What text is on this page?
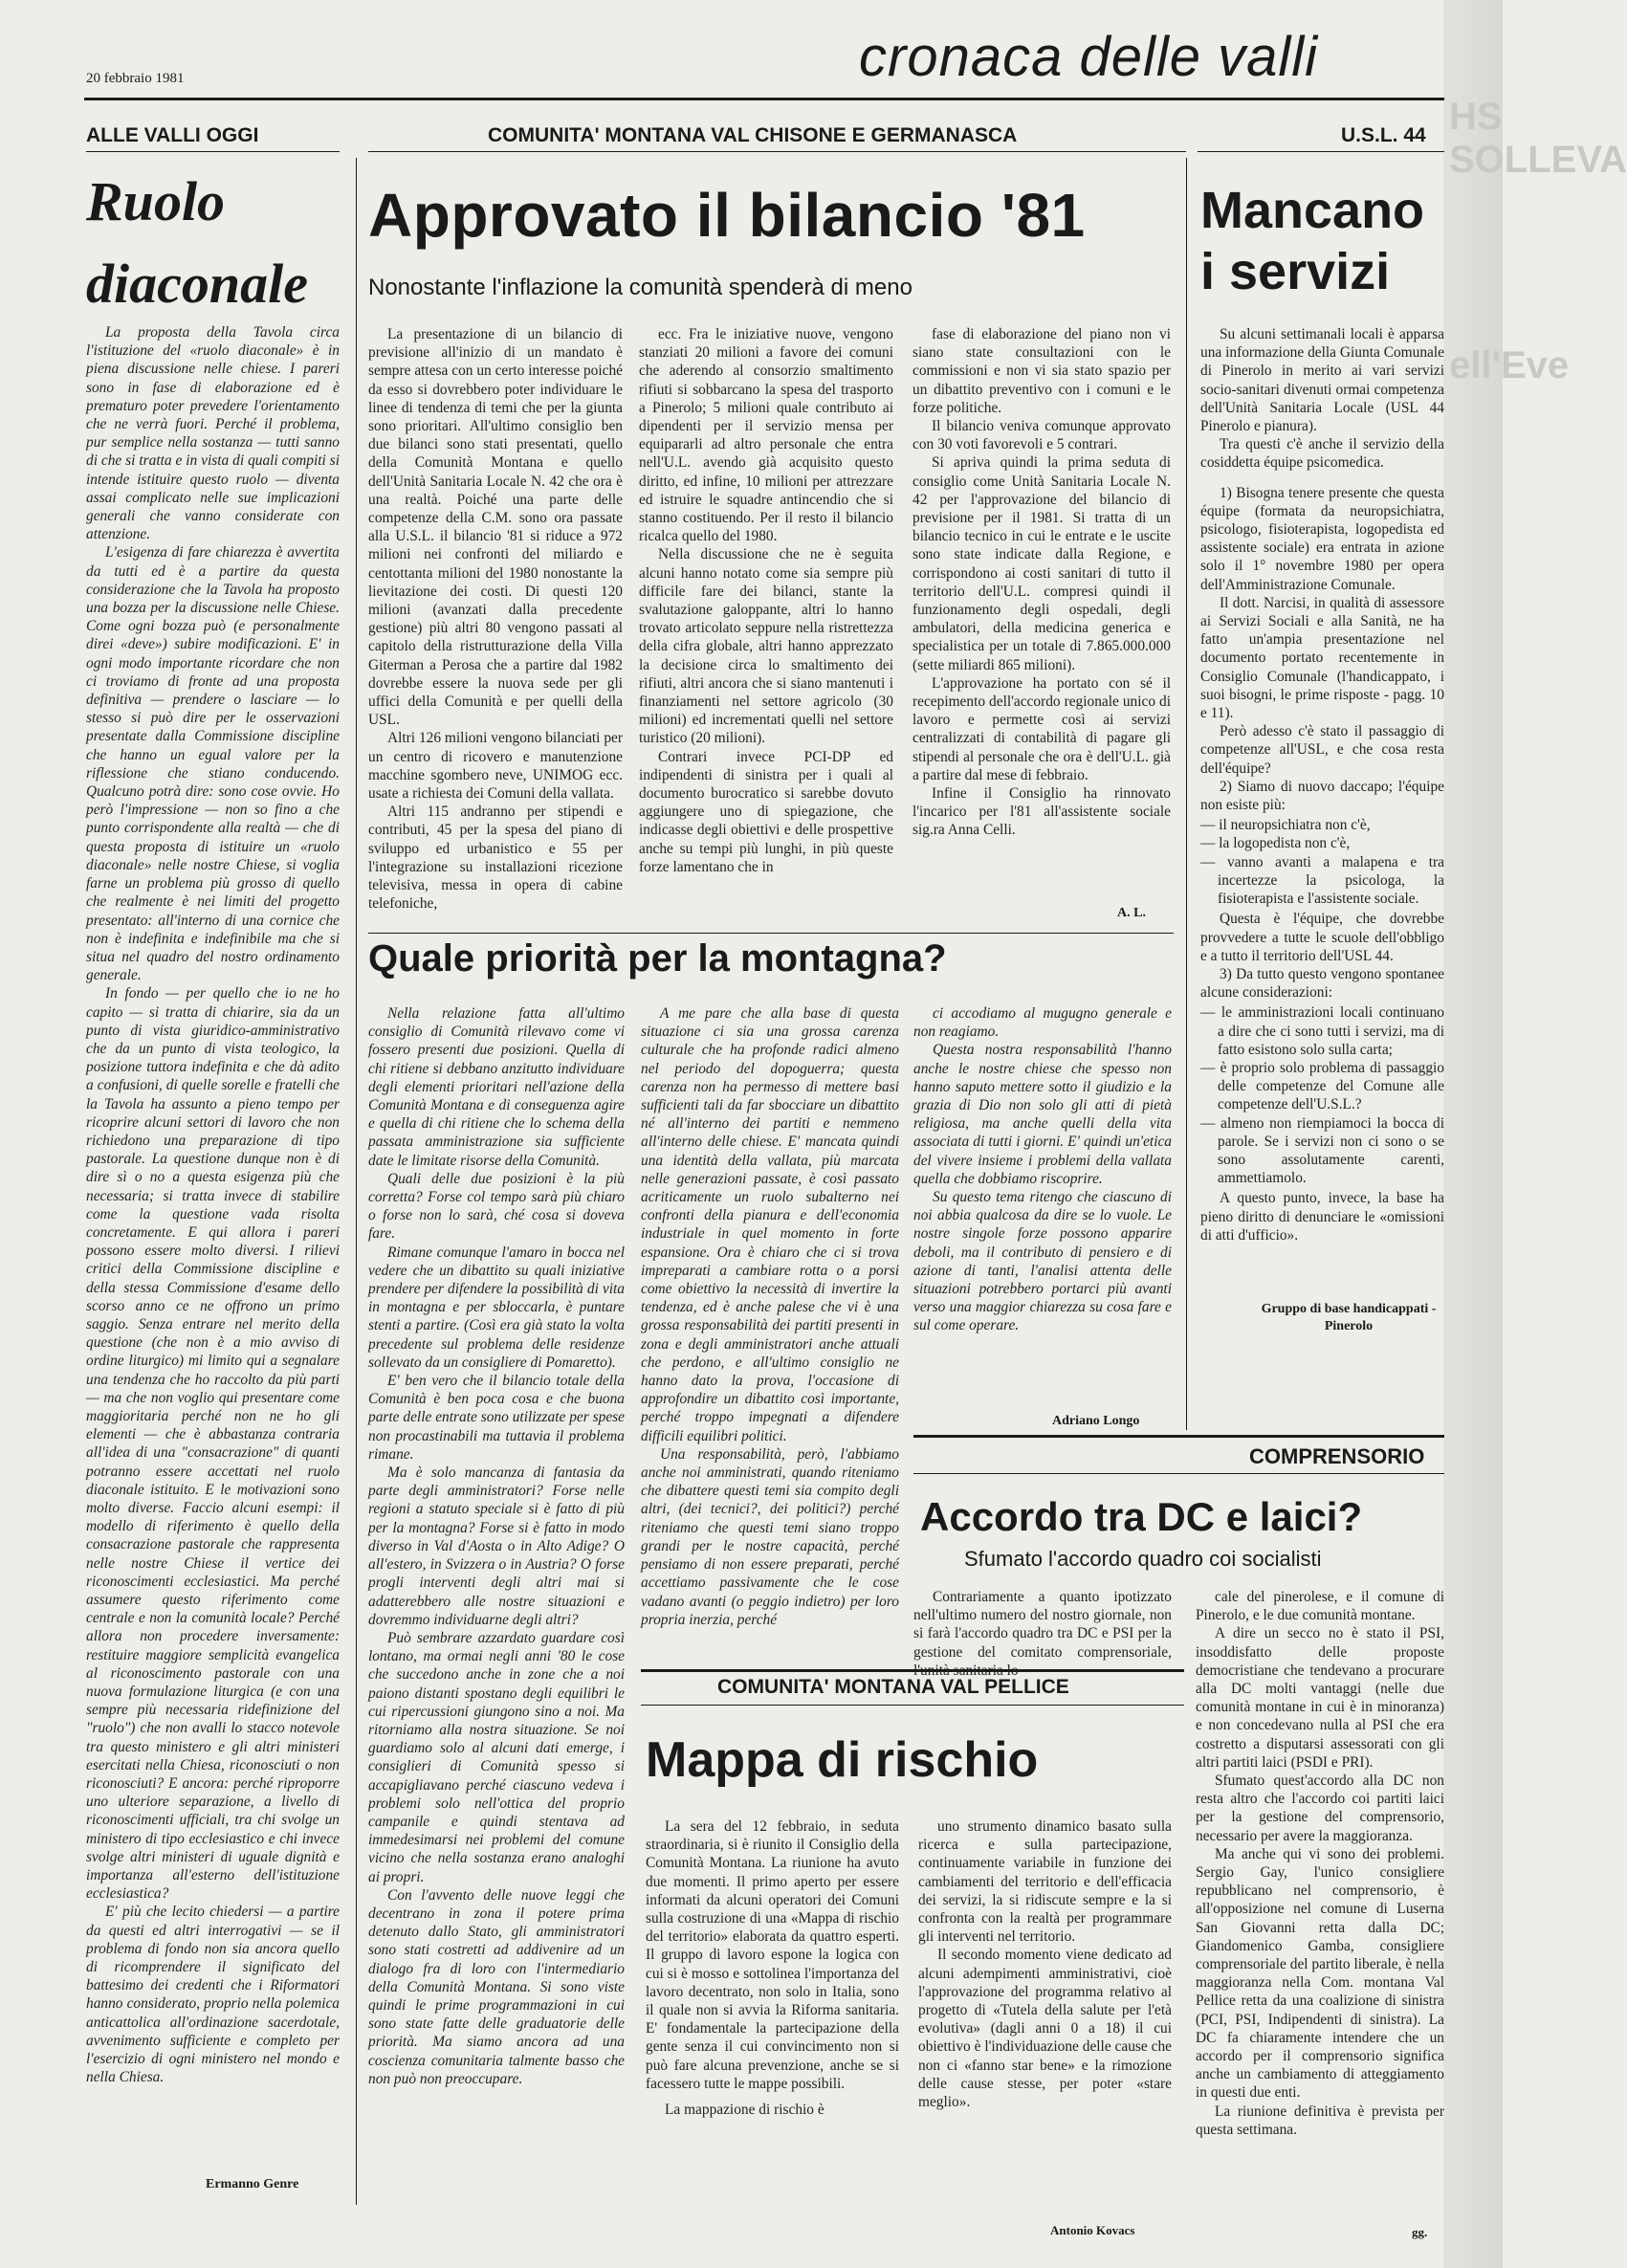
HS SOLLEVA
ell'Eve
20 febbraio 1981	cronaca delle valli
ALLE VALLI OGGI	COMUNITA' MONTANA VAL CHISONE E GERMANASCA	U.S.L. 44
Ruolo diaconale

La proposta della Tavola circa l'istituzione del «ruolo diaconale» è in piena discussione nelle chiese. I pareri sono in fase di elaborazione ed è prematuro poter prevedere l'orientamento che ne verrà fuori. Perché il problema, pur semplice nella sostanza — tutti sanno di che si tratta e in vista di quali compiti si intende istituire questo ruolo — diventa assai complicato nelle sue implicazioni generali che vanno considerate con attenzione.

L'esigenza di fare chiarezza è avvertita da tutti ed è a partire da questa considerazione che la Tavola ha proposto una bozza per la discussione nelle Chiese. Come ogni bozza può (e personalmente direi «deve») subire modificazioni. E' in ogni modo importante ricordare che non ci troviamo di fronte ad una proposta definitiva — prendere o lasciare — lo stesso si può dire per le osservazioni presentate dalla Commissione discipline che hanno un egual valore per la riflessione che stiano conducendo. Qualcuno potrà dire: sono cose ovvie. Ho però l'impressione — non so fino a che punto corrispondente alla realtà — che di questa proposta di istituire un «ruolo diaconale» nelle nostre Chiese, si voglia farne un problema più grosso di quello che realmente è nei limiti del progetto presentato: all'interno di una cornice che non è indefinita e indefinibile ma che si situa nel quadro del nostro ordinamento generale.

In fondo — per quello che io ne ho capito — si tratta di chiarire, sia da un punto di vista giuridico-amministrativo che da un punto di vista teologico, la posizione tuttora indefinita e che dà adito a confusioni, di quelle sorelle e fratelli che la Tavola ha assunto a pieno tempo per ricoprire alcuni settori di lavoro che non richiedono una preparazione di tipo pastorale. La questione dunque non è di dire sì o no a questa esigenza più che necessaria; si tratta invece di stabilire come la questione vada risolta concretamente. E qui allora i pareri possono essere molto diversi. I rilievi critici della Commissione discipline e della stessa Commissione d'esame dello scorso anno ce ne offrono un primo saggio. Senza entrare nel merito della questione (che non è a mio avviso di ordine liturgico) mi limito qui a segnalare una tendenza che ho raccolto da più parti — ma che non voglio qui presentare come maggioritaria perché non ne ho gli elementi — che è abbastanza contraria all'idea di una "consacrazione" di quanti potranno essere accettati nel ruolo diaconale istituito. E le motivazioni sono molto diverse. Faccio alcuni esempi: il modello di riferimento è quello della consacrazione pastorale che rappresenta nelle nostre Chiese il vertice dei riconoscimenti ecclesiastici. Ma perché assumere questo riferimento come centrale e non la comunità locale? Perché allora non procedere inversamente: restituire maggiore semplicità evangelica al riconoscimento pastorale con una nuova formulazione liturgica (e con una sempre più necessaria ridefinizione del "ruolo") che non avalli lo stacco notevole tra questo ministero e gli altri ministeri esercitati nella Chiesa, riconosciuti o non riconosciuti? E ancora: perché riproporre uno ulteriore separazione, a livello di riconoscimenti ufficiali, tra chi svolge un ministero di tipo ecclesiastico e chi invece svolge altri ministeri di uguale dignità e importanza all'esterno dell'istituzione ecclesiastica?

E' più che lecito chiedersi — a partire da questi ed altri interrogativi — se il problema di fondo non sia ancora quello di ricomprendere il significato del battesimo dei credenti che i Riformatori hanno considerato, proprio nella polemica anticattolica all'ordinazione sacerdotale, avvenimento sufficiente e completo per l'esercizio di ogni ministero nel mondo e nella Chiesa.

Ermanno Genre
Approvato il bilancio '81
Nonostante l'inflazione la comunità spenderà di meno

La presentazione di un bilancio di previsione all'inizio di un mandato è sempre attesa con un certo interesse poiché da esso si dovrebbero poter individuare le linee di tendenza di temi che per la giunta sono prioritari. All'ultimo consiglio ben due bilanci sono stati presentati, quello della Comunità Montana e quello dell'Unità Sanitaria Locale N. 42 che ora è una realtà. Poiché una parte delle competenze della C.M. sono ora passate alla U.S.L. il bilancio '81 si riduce a 972 milioni nei confronti del miliardo e centottanta milioni del 1980 nonostante la lievitazione dei costi. Di questi 120 milioni (avanzati dalla precedente gestione) più altri 80 vengono passati al capitolo della ristrutturazione della Villa Giterman a Perosa che a partire dal 1982 dovrebbe essere la nuova sede per gli uffici della Comunità e per quelli della USL.

Altri 126 milioni vengono bilanciati per un centro di ricovero e manutenzione macchine sgombero neve, UNIMOG ecc. usate a richiesta dei Comuni della vallata.

Altri 115 andranno per stipendi e contributi, 45 per la spesa del piano di sviluppo ed urbanistico e 55 per l'integrazione su installazioni ricezione televisiva, messa in opera di cabine telefoniche,

ecc. Fra le iniziative nuove, vengono stanziati 20 milioni a favore dei comuni che aderendo al consorzio smaltimento rifiuti si sobbarcano la spesa del trasporto a Pinerolo; 5 milioni quale contributo ai dipendenti per il servizio mensa per equipararli ad altro personale che entra nell'U.L. avendo già acquisito questo diritto, ed infine, 10 milioni per attrezzare ed istruire le squadre antincendio che si stanno costituendo. Per il resto il bilancio ricalca quello del 1980.

Nella discussione che ne è seguita alcuni hanno notato come sia sempre più difficile fare dei bilanci, stante la svalutazione galoppante, altri lo hanno trovato articolato seppure nella ristrettezza della cifra globale, altri hanno apprezzato la decisione circa lo smaltimento dei rifiuti, altri ancora che si siano mantenuti i finanziamenti nel settore agricolo (30 milioni) ed incrementati quelli nel settore turistico (20 milioni).

Contrari invece PCI-DP ed indipendenti di sinistra per i quali al documento burocratico si sarebbe dovuto aggiungere uno di spiegazione, che indicasse degli obiettivi e delle prospettive anche su tempi più lunghi, in più queste forze lamentano che in

fase di elaborazione del piano non vi siano state consultazioni con le commissioni e non vi sia stato spazio per un dibattito preventivo con i comuni e le forze politiche.

Il bilancio veniva comunque approvato con 30 voti favorevoli e 5 contrari.

Si apriva quindi la prima seduta di consiglio come Unità Sanitaria Locale N. 42 per l'approvazione del bilancio di previsione per il 1981. Si tratta di un bilancio tecnico in cui le entrate e le uscite sono state indicate dalla Regione, e corrispondono ai costi sanitari di tutto il territorio dell'U.L. compresi quindi il funzionamento degli ospedali, degli ambulatori, della medicina generica e specialistica per un totale di 7.865.000.000 (sette miliardi 865 milioni).

L'approvazione ha portato con sé il recepimento dell'accordo regionale unico di lavoro e permette così ai servizi centralizzati di contabilità di pagare gli stipendi al personale che ora è dell'U.L. già a partire dal mese di febbraio.

Infine il Consiglio ha rinnovato l'incarico per l'81 all'assistente sociale sig.ra Anna Celli.

A. L.
Quale priorità per la montagna?

Nella relazione fatta all'ultimo consiglio di Comunità rilevavo come vi fossero presenti due posizioni. Quella di chi ritiene si debbano anzitutto individuare degli elementi prioritari nell'azione della Comunità Montana e di conseguenza agire e quella di chi ritiene che lo schema della passata amministrazione sia sufficiente date le limitate risorse della Comunità.

Quali delle due posizioni è la più corretta? Forse col tempo sarà più chiaro o forse non lo sarà, ché cosa si doveva fare.

Rimane comunque l'amaro in bocca nel vedere che un dibattito su quali iniziative prendere per difendere la possibilità di vita in montagna e per sbloccarla, è puntare stenti a partire. (Così era già stato la volta precedente sul problema delle residenze sollevato da un consigliere di Pomaretto).

E' ben vero che il bilancio totale della Comunità è ben poca cosa e che buona parte delle entrate sono utilizzate per spese non procastinabili ma tuttavia il problema rimane.

Ma è solo mancanza di fantasia da parte degli amministratori? Forse nelle regioni a statuto speciale si è fatto di più per la montagna? Forse si è fatto in modo diverso in Val d'Aosta o in Alto Adige? O all'estero, in Svizzera o in Austria? O forse progli interventi degli altri mai si adatterebbero alle nostre situazioni e dovremmo individuarne degli altri?

Può sembrare azzardato guardare così lontano, ma ormai negli anni '80 le cose che succedono anche in zone che a noi paiono distanti spostano degli equilibri le cui ripercussioni giungono sino a noi. Ma ritorniamo alla nostra situazione. Se noi guardiamo solo al alcuni dati emerge, i consiglieri di Comunità spesso si accapigliavano perché ciascuno vedeva i problemi solo nell'ottica del proprio campanile e quindi stentava ad immedesimarsi nei problemi del comune vicino che nella sostanza erano analoghi ai propri.

Con l'avvento delle nuove leggi che decentrano in zona il potere prima detenuto dallo Stato, gli amministratori sono stati costretti ad addivenire ad un dialogo fra di loro con l'intermediario della Comunità Montana. Si sono viste quindi le prime programmazioni in cui sono state fatte delle graduatorie delle priorità. Ma siamo ancora ad una coscienza comunitaria talmente basso che non può non preoccupare.

A me pare che alla base di questa situazione ci sia una grossa carenza culturale che ha profonde radici almeno nel periodo del dopoguerra; questa carenza non ha permesso di mettere basi sufficienti tali da far sbocciare un dibattito né all'interno dei partiti e nemmeno all'interno delle chiese. E' mancata quindi una identità della vallata, più marcata nelle generazioni passate, è così passato acriticamente un ruolo subalterno nei confronti della pianura e dell'economia industriale in quel momento in forte espansione. Ora è chiaro che ci si trova impreparati a cambiare rotta o a porsi come obiettivo la necessità di invertire la tendenza, ed è anche palese che vi è una grossa responsabilità dei partiti presenti in zona e degli amministratori anche attuali che perdono, e all'ultimo consiglio ne hanno dato la prova, l'occasione di approfondire un dibattito così importante, perché troppo impegnati a difendere difficili equilibri politici.

Una responsabilità, però, l'abbiamo anche noi amministrati, quando riteniamo che dibattere questi temi sia compito degli altri, (dei tecnici?, dei politici?) perché riteniamo che questi temi siano troppo grandi per le nostre capacità, perché pensiamo di non essere preparati, perché accettiamo passivamente che le cose vadano avanti (o peggio indietro) per loro propria inerzia, perché

ci accodiamo al mugugno generale e non reagiamo.

Questa nostra responsabilità l'hanno anche le nostre chiese che spesso non hanno saputo mettere sotto il giudizio e la grazia di Dio non solo gli atti di pietà religiosa, ma anche quelli della vita associata di tutti i giorni. E' quindi un'etica del vivere insieme i problemi della vallata quella che dobbiamo riscoprire.

Su questo tema ritengo che ciascuno di noi abbia qualcosa da dire se lo vuole. Le nostre singole forze possono apparire deboli, ma il contributo di pensiero e di azione di tanti, l'analisi attenta delle situazioni potrebbero portarci più avanti verso una maggior chiarezza su cosa fare e sul come operare.

Adriano Longo
Mancano i servizi

Su alcuni settimanali locali è apparsa una informazione della Giunta Comunale di Pinerolo in merito ai vari servizi socio-sanitari divenuti ormai competenza dell'Unità Sanitaria Locale (USL 44 Pinerolo e pianura).

Tra questi c'è anche il servizio della cosiddetta équipe psicomedica.

1) Bisogna tenere presente che questa équipe (formata da neuropsichiatra, psicologo, fisioterapista, logopedista ed assistente sociale) era entrata in azione solo il 1° novembre 1980 per opera dell'Amministrazione Comunale.

Il dott. Narcisi, in qualità di assessore ai Servizi Sociali e alla Sanità, ne ha fatto un'ampia presentazione nel documento portato recentemente in Consiglio Comunale (l'handicappato, i suoi bisogni, le prime risposte - pagg. 10 e 11).

Però adesso c'è stato il passaggio di competenze all'USL, e che cosa resta dell'équipe?

2) Siamo di nuovo daccapo; l'équipe non esiste più:

— il neuropsichiatra non c'è,
— la logopedista non c'è,
— vanno avanti a malapena e tra incertezze la psicologa, la fisioterapista e l'assistente sociale.

Questa è l'équipe, che dovrebbe provvedere a tutte le scuole dell'obbligo e a tutto il territorio dell'USL 44.

3) Da tutto questo vengono spontanee alcune considerazioni:

— le amministrazioni locali continuano a dire che ci sono tutti i servizi, ma di fatto esistono solo sulla carta;
— è proprio solo problema di passaggio delle competenze del Comune alle competenze dell'U.S.L.?
— almeno non riempiamoci la bocca di parole. Se i servizi non ci sono o se sono assolutamente carenti, ammettiamolo.

A questo punto, invece, la base ha pieno diritto di denunciare le «omissioni di atti d'ufficio».

Gruppo di base handicappati - Pinerolo
COMPRENSORIO
Accordo tra DC e laici?
Sfumato l'accordo quadro coi socialisti

Contrariamente a quanto ipotizzato nell'ultimo numero del nostro giornale, non si farà l'accordo quadro tra DC e PSI per la gestione del comitato comprensoriale,

cale del pinerolese, e il comune di Pinerolo, e le due comunità montane.

A dire un secco no è stato il PSI, insoddisfatto delle proposte democristiane che tendevano a procurare alla DC molti vantaggi (nelle due comunità montane in cui è in minoranza) e non concedevano nulla al PSI che era costretto a disputarsi assessorati con gli altri partiti laici (PSDI e PRI).

Sfumato quest'accordo alla DC non resta altro che l'accordo coi partiti laici per la gestione del comprensorio, necessario per avere la maggioranza.

Ma anche qui vi sono dei problemi. Sergio Gay, l'unico consigliere repubblicano nel comprensorio, è all'opposizione nel comune di Luserna San Giovanni retta dalla DC; Giandomenico Gamba, consigliere comprensoriale del partito liberale, è nella maggioranza nella Com. montana Val Pellice retta da una coalizione di sinistra (PCI, PSI, Indipendenti di sinistra). La DC fa chiaramente intendere che un accordo per il comprensorio significa anche un cambiamento di atteggiamento in questi due enti.

La riunione definitiva è prevista per questa settimana.

gg.
COMUNITA' MONTANA VAL PELLICE
Mappa di rischio

La sera del 12 febbraio, in seduta straordinaria, si è riunito il Consiglio della Comunità Montana. La riunione ha avuto due momenti. Il primo aperto per essere informati da alcuni operatori dei Comuni sulla costruzione di una «Mappa di rischio del territorio» elaborata da quattro esperti. Il gruppo di lavoro espone la logica con cui si è mosso e sottolinea l'importanza del lavoro decentrato, non solo in Italia, sono il quale non si avvia la Riforma sanitaria. E' fondamentale la partecipazione della gente senza il cui convincimento non si può fare alcuna prevenzione, anche se si facessero tutte le mappe possibili.

La mappazione di rischio è

uno strumento dinamico basato sulla ricerca e sulla partecipazione, continuamente variabile in funzione dei cambiamenti del territorio e dell'efficacia dei servizi, la si ridiscute sempre e la si confronta con la realtà per programmare gli interventi nel territorio.

Il secondo momento viene dedicato ad alcuni adempimenti amministrativi, cioè l'approvazione del programma relativo al progetto di «Tutela della salute per l'età evolutiva» (dagli anni 0 a 18) il cui obiettivo è l'individuazione delle cause che non ci «fanno star bene» e la rimozione delle cause stesse, per poter «stare meglio».

Antonio Kovacs
